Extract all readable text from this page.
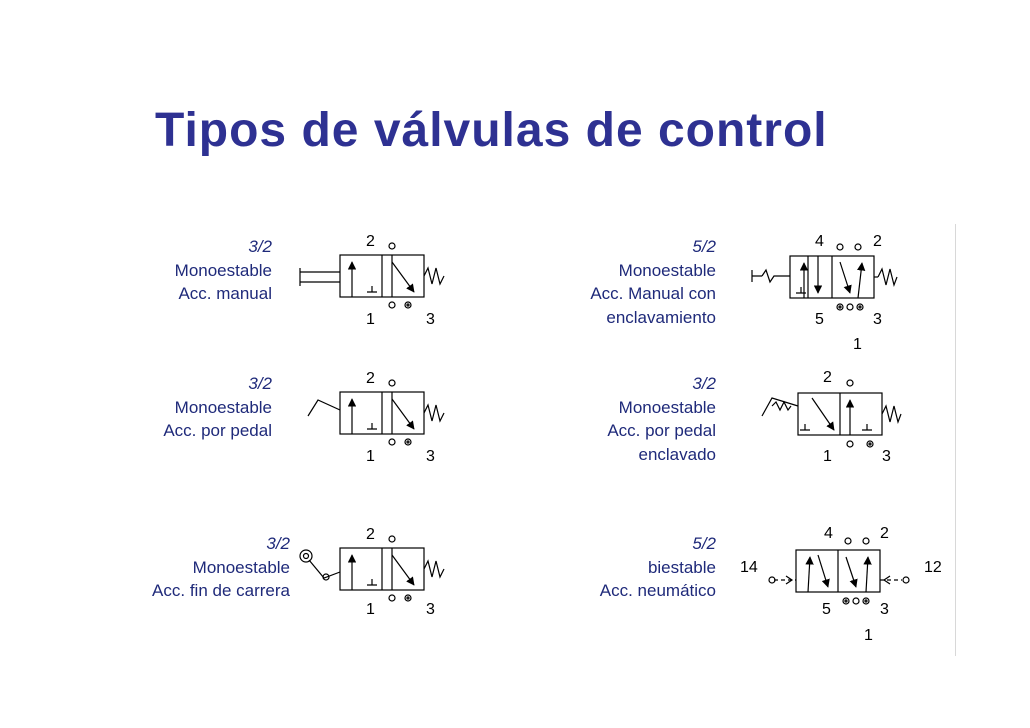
Tipos de válvulas de control
3/2
Monoestable
Acc. manual
3/2
Monoestable
Acc. por pedal
3/2
Monoestable
Acc. fin de carrera
5/2
Monoestable
Acc. Manual con
enclavamiento
3/2
Monoestable
Acc. por pedal
enclavado
5/2
biestable
Acc. neumático
2
1	3
2
1	3
2
1	3
4	2
5	3
1
2
1	3
4	2
14	12
5	3
1
